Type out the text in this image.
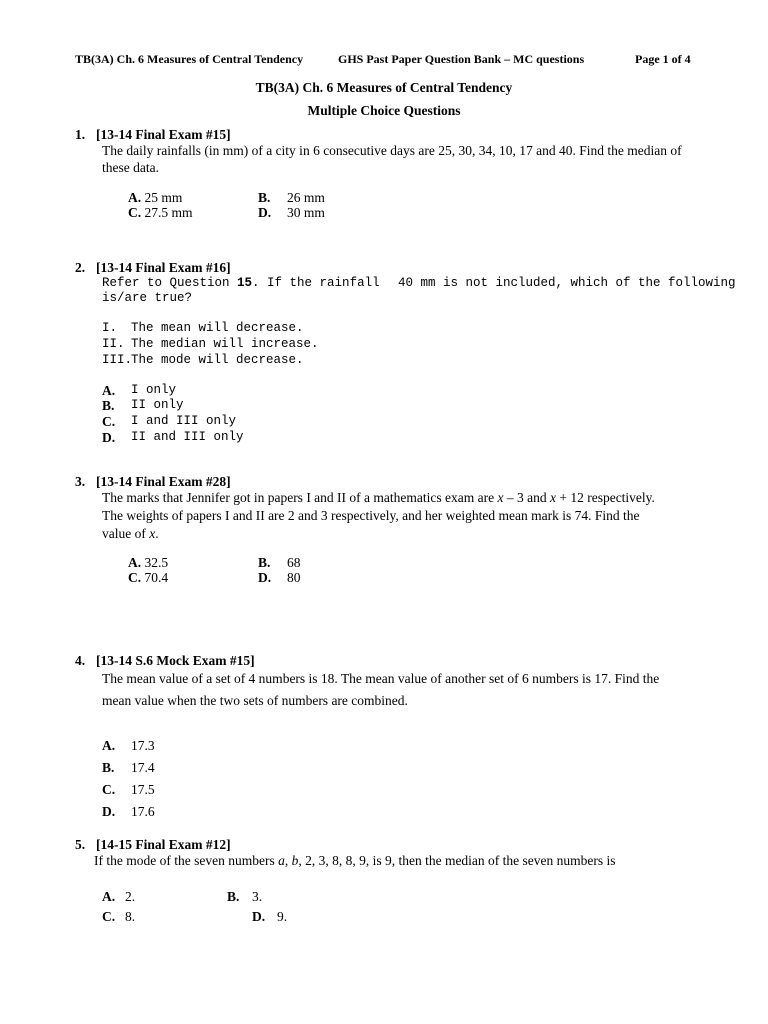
TB(3A) Ch. 6 Measures of Central Tendency	GHS Past Paper Question Bank – MC questions	Page 1 of 4
TB(3A) Ch. 6 Measures of Central Tendency
Multiple Choice Questions
1. [13-14 Final Exam #15]
The daily rainfalls (in mm) of a city in 6 consecutive days are 25, 30, 34, 10, 17 and 40. Find the median of
these data.
A. 25 mm	B. 26 mm
C. 27.5 mm	D. 30 mm
2. [13-14 Final Exam #16]
Refer to Question 15. If the rainfall 40 mm is not included, which of the following
is/are true?
I. The mean will decrease.
II. The median will increase.
III.
The mode will decrease.
A. I only
B. II only
C. I and III only
D. II and III only
3. [13-14 Final Exam #28]
The marks that Jennifer got in papers I and II of a mathematics exam are x – 3 and x + 12 respectively.
The weights of papers I and II are 2 and 3 respectively, and her weighted mean mark is 74. Find the
value of x.
A. 32.5	B. 68
C. 70.4	D. 80
4. [13-14 S.6 Mock Exam #15]
The mean value of a set of 4 numbers is 18. The mean value of another set of 6 numbers is 17. Find the
mean value when the two sets of numbers are combined.
A. 17.3
B. 17.4
C. 17.5
D. 17.6
5. [14-15 Final Exam #12]
If the mode of the seven numbers a, b, 2, 3, 8, 8, 9, is 9, then the median of the seven numbers is
A. 2.	B. 3.
C. 8.	D. 9.
